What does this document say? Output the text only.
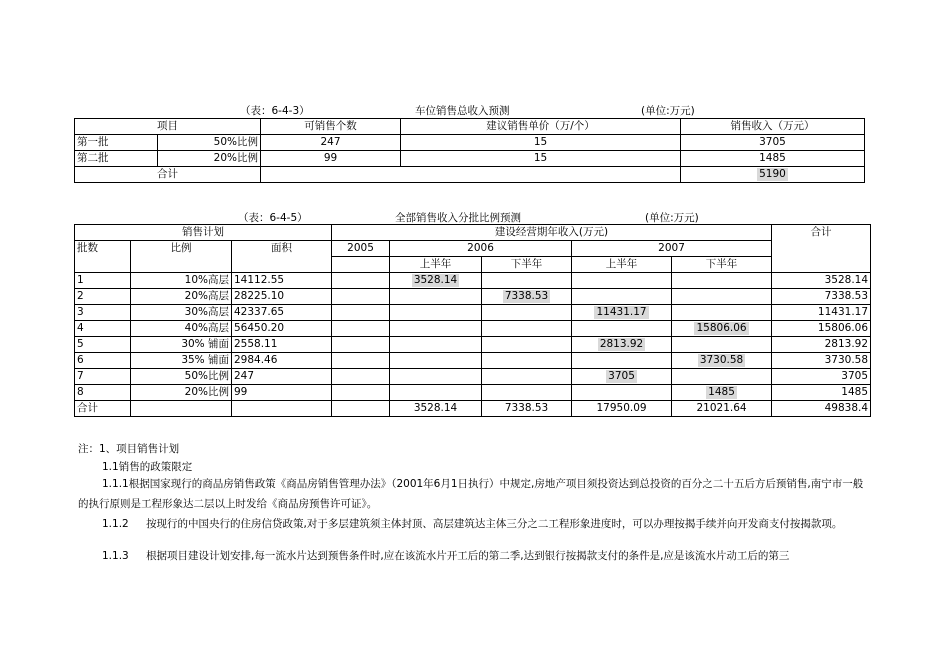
（表：6-4-3）	车位销售总收入预测	(单位:万元)
项目		可销售个数	建议销售单价（万/个）	销售收入（万元）
第一批	50%比例	247	15	3705
第二批	20%比例	99	15	1485
合计				5190
（表：6-4-5）	全部销售收入分批比例预测	(单位:万元)
销售计划			建设经营期年收入(万元)					合计
批数	比例	面积	2005	2006		2007		
				上半年	下半年	上半年	下半年	
1	10%高层	14112.55		3528.14				3528.14
2	20%高层	28225.10			7338.53			7338.53
3	30%高层	42337.65				11431.17		11431.17
4	40%高层	56450.20					15806.06	15806.06
5	30% 铺面	2558.11				2813.92		2813.92
6	35% 铺面	2984.46					3730.58	3730.58
7	50%比例	247				3705		3705
8	20%比例	99					1485	1485
合计				3528.14	7338.53	17950.09	21021.64	49838.4
注：1、项目销售计划
1.1销售的政策限定
1.1.1根据国家现行的商品房销售政策《商品房销售管理办法》（2001年6月1日执行）中规定,房地产项目须投资达到总投资的百分之二十五后方后预销售,南宁市一般的执行原则是工程形象达二层以上时发给《商品房预售许可证》。
1.1.2 按现行的中国央行的住房信贷政策,对于多层建筑须主体封顶、高层建筑达主体三分之二工程形象进度时，可以办理按揭手续并向开发商支付按揭款项。
1.1.3 根据项目建设计划安排,每一流水片达到预售条件时,应在该流水片开工后的第二季,达到银行按揭款支付的条件是,应是该流水片动工后的第三
